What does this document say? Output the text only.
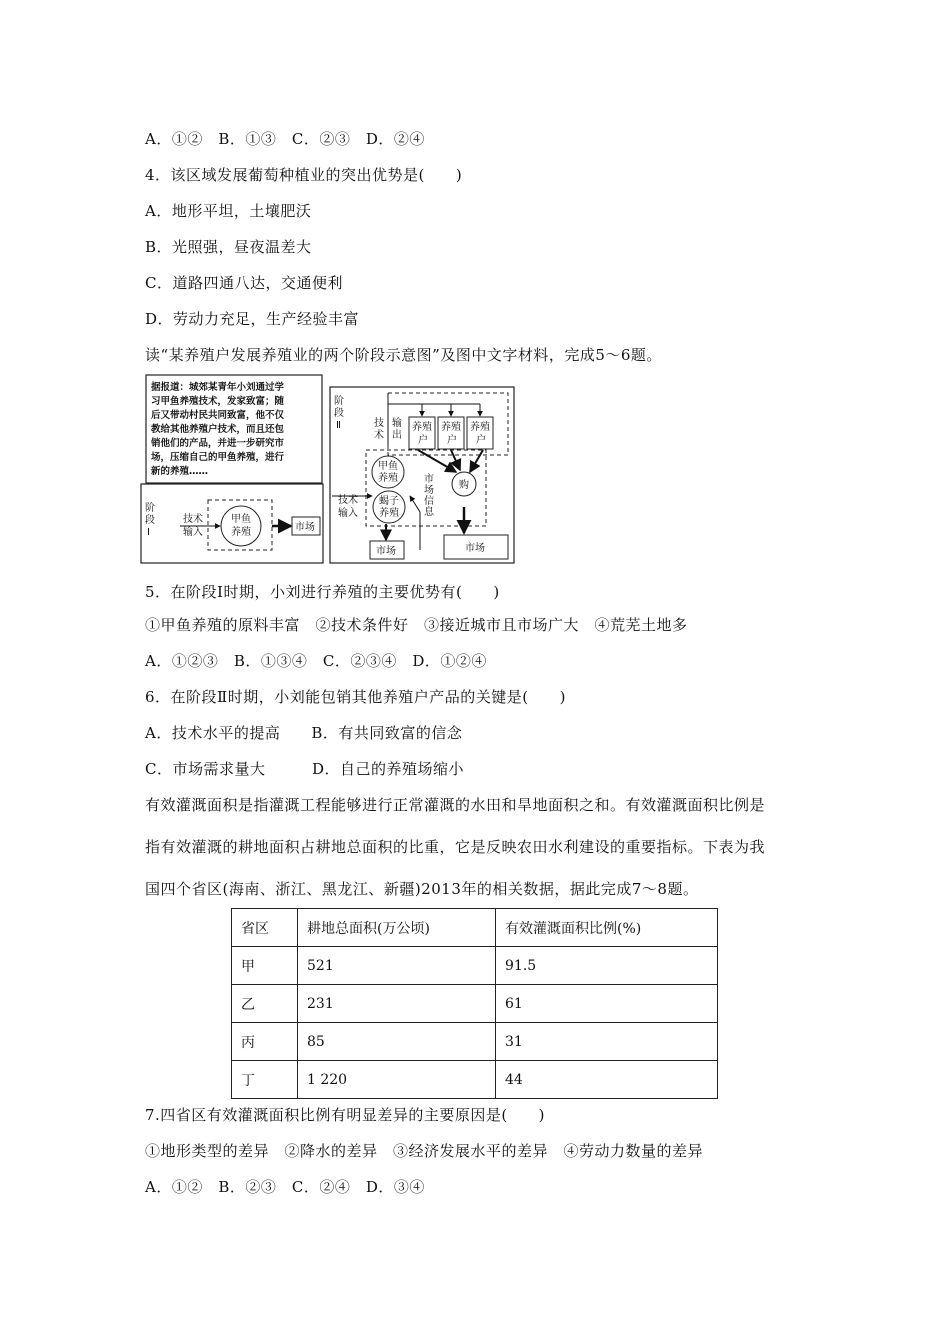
A．①②　B．①③　C．②③　D．②④
4．该区域发展葡萄种植业的突出优势是(　　)
A．地形平坦，土壤肥沃
B．光照强，昼夜温差大
C．道路四通八达，交通便利
D．劳动力充足，生产经验丰富
读“某养殖户发展养殖业的两个阶段示意图”及图中文字材料，完成5～6题。
据报道：城郊某青年小刘通过学
习甲鱼养殖技术，发家致富；随
后又带动村民共同致富，他不仅
教给其他养殖户技术，而且还包
销他们的产品，并进一步研究市
场，压缩自己的甲鱼养殖，进行
新的养殖……
阶
段
Ⅰ
技术
输入
甲鱼
养殖	市场
阶
段
Ⅱ	技
术
输
出
养殖
户
养殖
户
养殖
户
甲鱼
养殖
蝎子
养殖
购
市
场
信
息
技术
输入
市场	市场
5．在阶段Ⅰ时期，小刘进行养殖的主要优势有(　　)
①甲鱼养殖的原料丰富　②技术条件好　③接近城市且市场广大　④荒芜土地多
A．①②③　B．①③④　C．②③④　D．①②④
6．在阶段Ⅱ时期，小刘能包销其他养殖户产品的关键是(　　)
A．技术水平的提高　　B．有共同致富的信念
C．市场需求量大　　　D．自己的养殖场缩小
有效灌溉面积是指灌溉工程能够进行正常灌溉的水田和旱地面积之和。有效灌溉面积比例是
指有效灌溉的耕地面积占耕地总面积的比重，它是反映农田水利建设的重要指标。下表为我
国四个省区(海南、浙江、黑龙江、新疆)2013年的相关数据，据此完成7～8题。
省区	耕地总面积(万公顷)	有效灌溉面积比例(%)
甲	521	91.5
乙	231	61
丙	85	31
丁	1 220	44
7.四省区有效灌溉面积比例有明显差异的主要原因是(　　)
①地形类型的差异　②降水的差异　③经济发展水平的差异　④劳动力数量的差异
A．①②　B．②③　C．②④　D．③④
